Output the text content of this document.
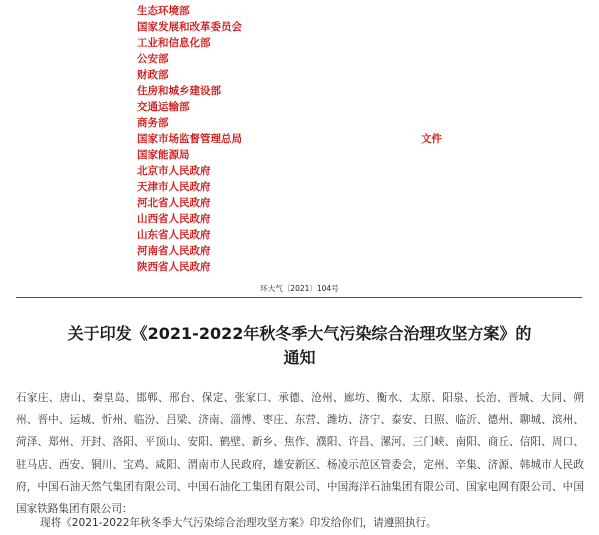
生态环境部
国家发展和改革委员会
工业和信息化部
公安部
财政部
住房和城乡建设部
交通运输部
商务部
国家市场监督管理总局
国家能源局
北京市人民政府
天津市人民政府
河北省人民政府
山西省人民政府
山东省人民政府
河南省人民政府
陕西省人民政府
文件
环大气〔2021〕104号
关于印发《2021-2022年秋冬季大气污染综合治理攻坚方案》的
通知

石家庄、唐山、秦皇岛、邯郸、邢台、保定、张家口、承德、沧州、廊坊、衡水、太原、阳泉、长治、晋城、大同、朔州、晋中、运城、忻州、临汾、吕梁、济南、淄博、枣庄、东营、潍坊、济宁、泰安、日照、临沂、德州、聊城、滨州、菏泽、郑州、开封、洛阳、平顶山、安阳、鹤壁、新乡、焦作、濮阳、许昌、漯河、三门峡、南阳、商丘、信阳、周口、驻马店、西安、铜川、宝鸡、咸阳、渭南市人民政府，雄安新区、杨凌示范区管委会，定州、辛集、济源、韩城市人民政府，中国石油天然气集团有限公司、中国石油化工集团有限公司、中国海洋石油集团有限公司、国家电网有限公司、中国国家铁路集团有限公司：

现将《2021-2022年秋冬季大气污染综合治理攻坚方案》印发给你们，请遵照执行。
